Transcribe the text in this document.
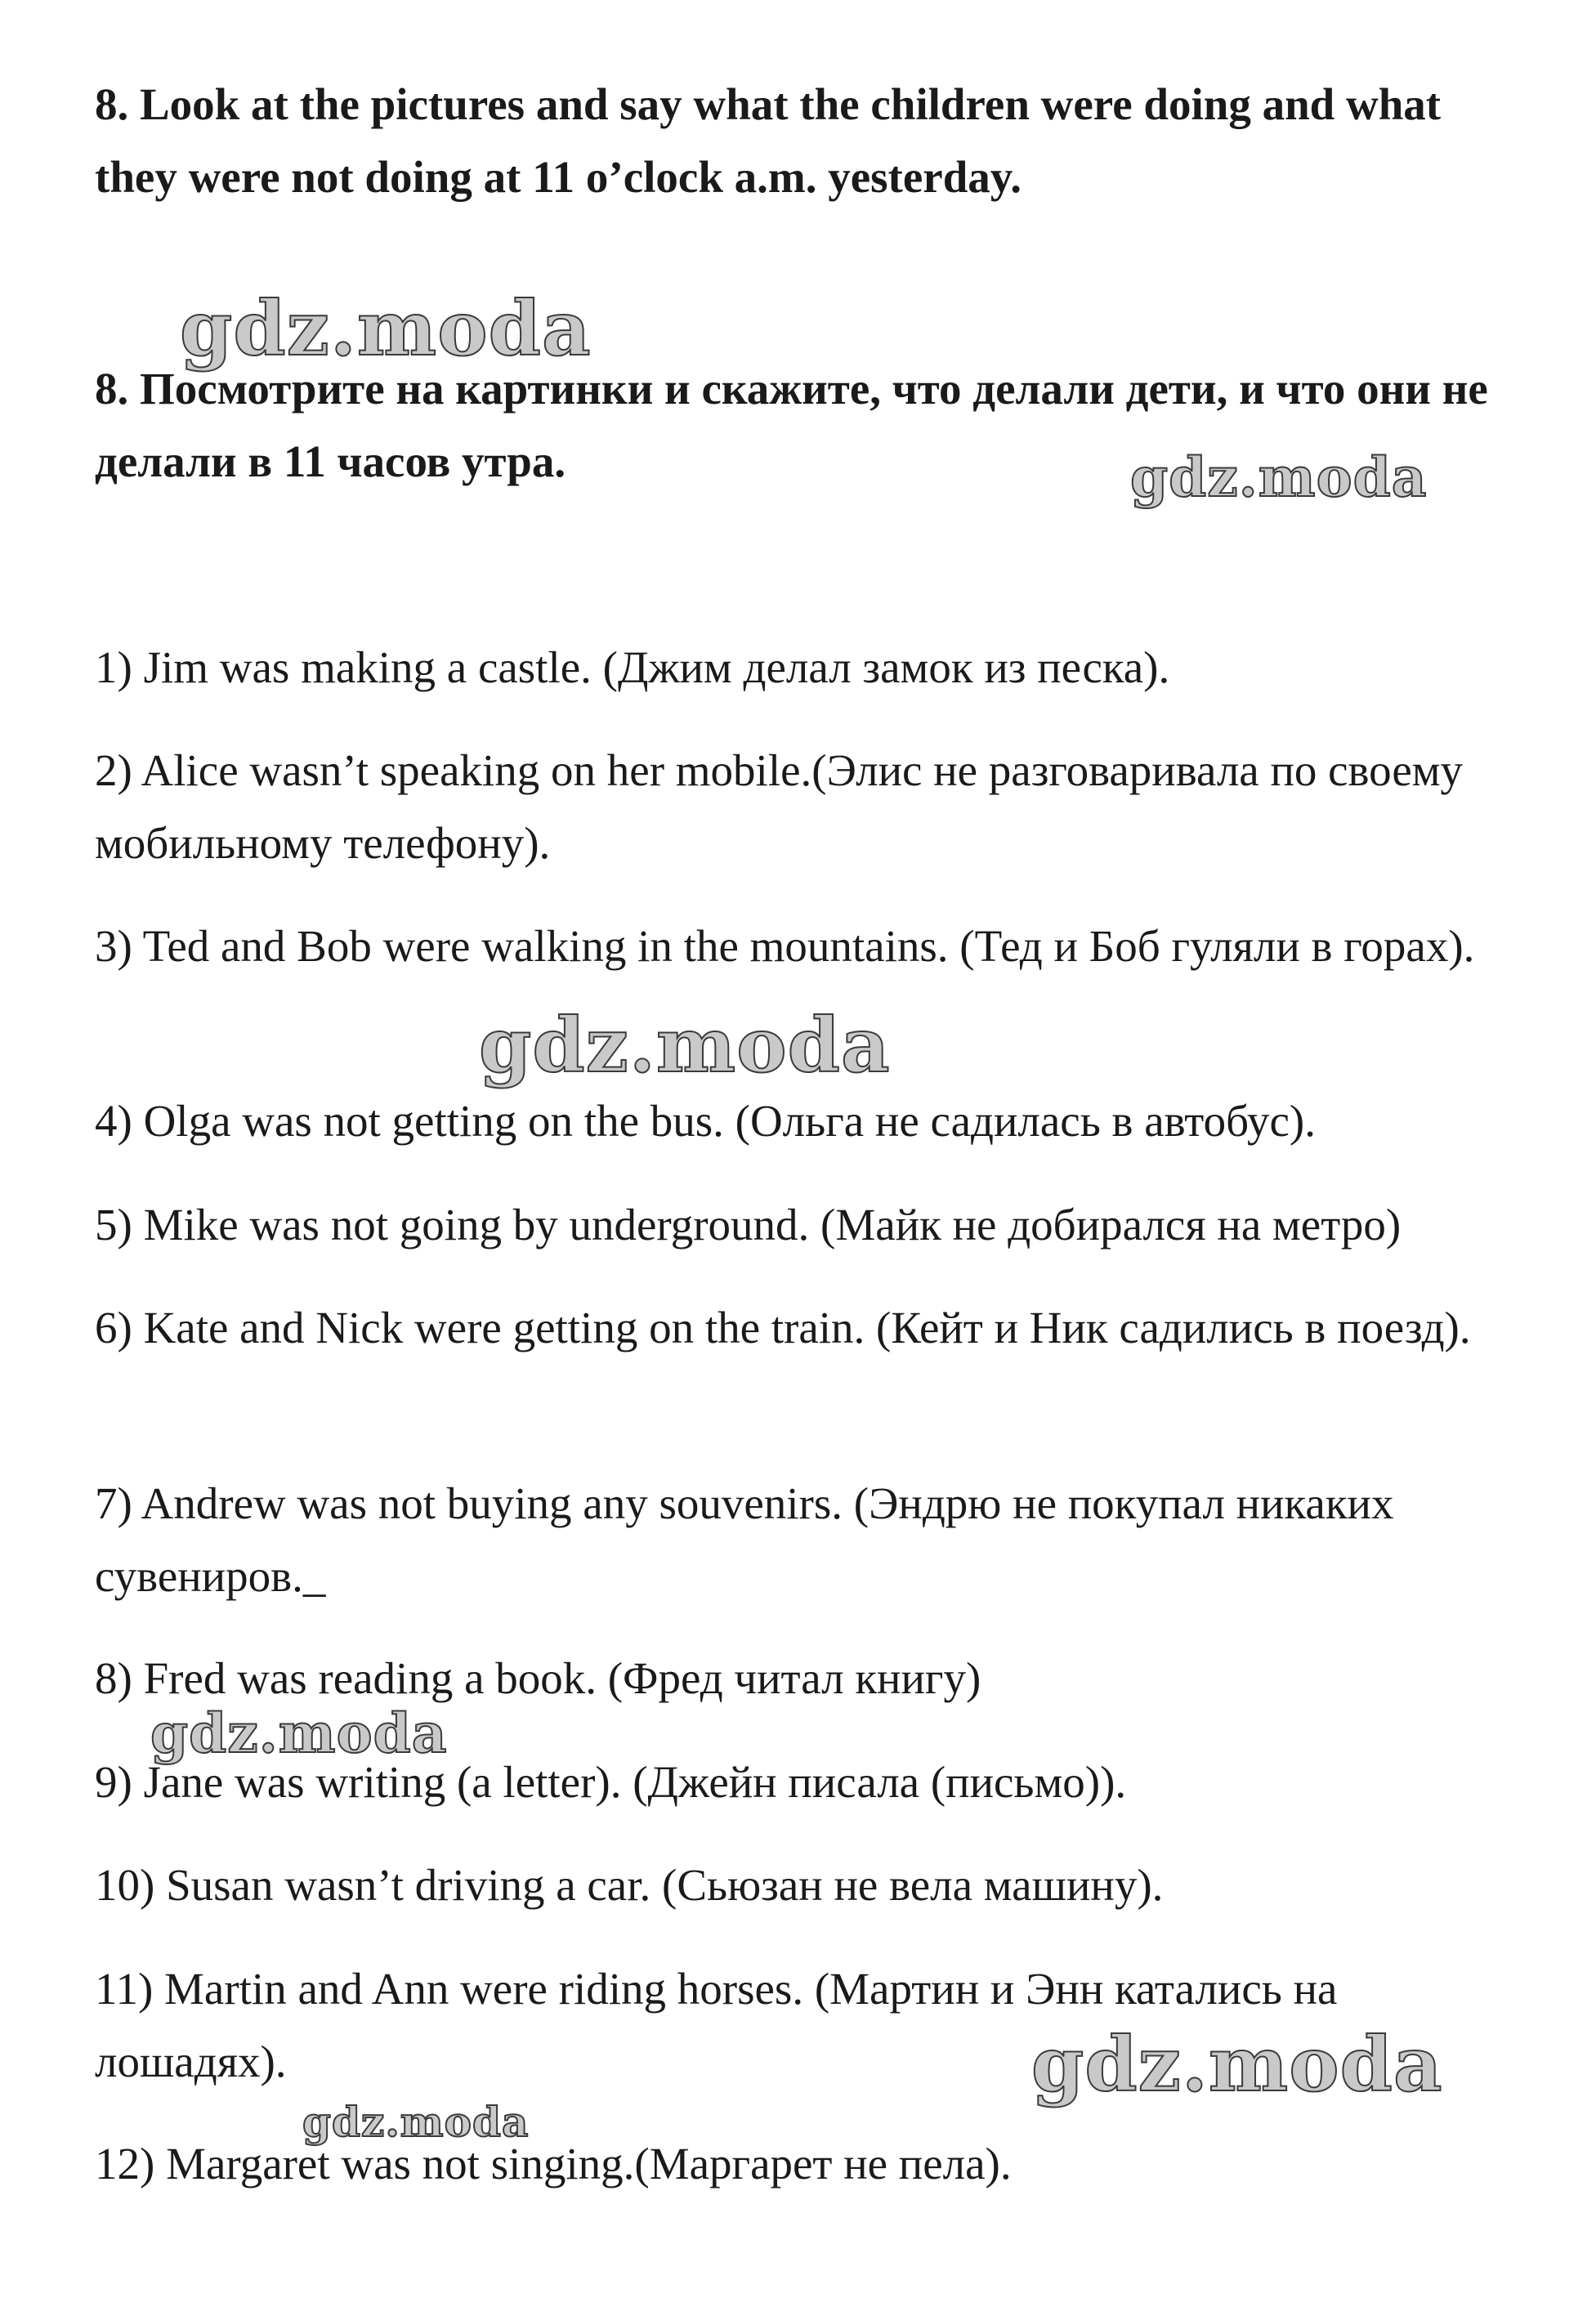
8. Look at the pictures and say what the children were doing and what they were not doing at 11 o’clock a.m. yesterday.

8. Посмотрите на картинки и скажите, что делали дети, и что они не делали в 11 часов утра.

1) Jim was making a castle. (Джим делал замок из песка).

2) Alice wasn’t speaking on her mobile.(Элис не разговаривала по своему мобильному телефону).

3) Ted and Bob were walking in the mountains. (Тед и Боб гуляли в горах).

4) Olga was not getting on the bus. (Ольга не садилась в автобус).

5) Mike was not going by underground. (Майк не добирался на метро)

6) Kate and Nick were getting on the train. (Кейт и Ник садились в поезд).

7) Andrew was not buying any souvenirs. (Эндрю не покупал никаких сувениров._

8) Fred was reading a book. (Фред читал книгу)

9) Jane was writing (a letter). (Джейн писала (письмо)).

10) Susan wasn’t driving a car. (Сьюзан не вела машину).

11) Martin and Ann were riding horses. (Мартин и Энн катались на лошадях).

12) Margaret was not singing.(Маргарет не пела).

gdz.moda
gdz.moda
gdz.moda
gdz.moda
gdz.moda
gdz.moda
